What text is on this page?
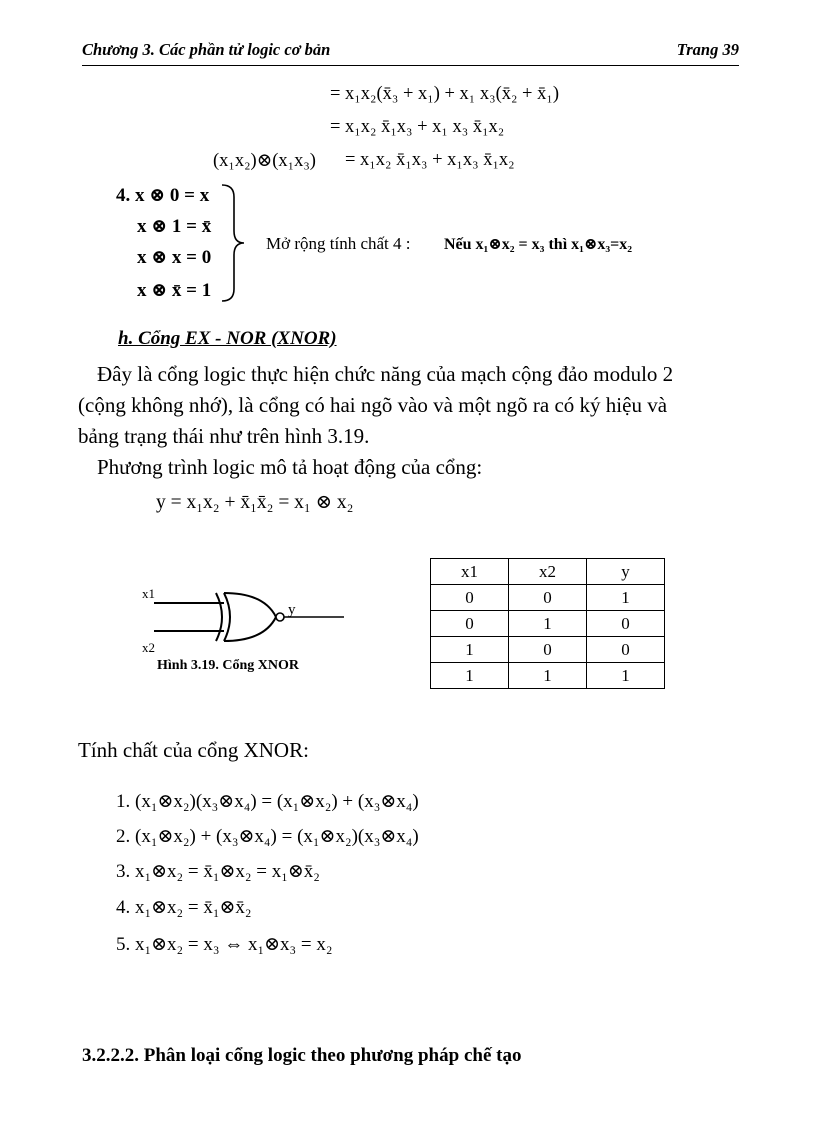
Chương 3. Các phần tử logic cơ bản	Trang 39
= x₁x₂(x̄₃ + x₁) + x₁ x₃(x̄₂ + x̄₁)
= x₁x₂ x̄₁x₃ + x₁ x₃ x̄₁x₂
(x₁x₂)⊗(x₁x₃) = x₁x₂ x̄₁x₃ + x₁x₃ x̄₁x₂
4. x ⊗ 0 = x
x ⊗ 1 = x̄
x ⊗ x = 0
x ⊗ x̄ = 1
Mở rộng tính chất 4 : Nếu x₁⊗x₂ = x₃ thì x₁⊗x₃=x₂
h. Cổng EX - NOR (XNOR)
Đây là cổng logic thực hiện chức năng của mạch cộng đảo modulo 2
(cộng không nhớ), là cổng có hai ngõ vào và một ngõ ra có ký hiệu và
bảng trạng thái như trên hình 3.19.
Phương trình logic mô tả hoạt động của cổng:
y = x₁x₂ + x̄₁x̄₂ = x₁ ⊗ x₂
x1
x2
y
Hình 3.19. Cổng XNOR
x1	x2	y
0	0	1
0	1	0
1	0	0
1	1	1
Tính chất của cổng XNOR:
1. (x₁⊗x₂)(x₃⊗x₄) = (x₁⊗x₂) + (x₃⊗x₄)
2. (x₁⊗x₂) + (x₃⊗x₄) = (x₁⊗x₂)(x₃⊗x₄)
3. x₁⊗x₂ = x̄₁⊗x₂ = x₁⊗x̄₂
4. x₁⊗x₂ = x̄₁⊗x̄₂
5. x₁⊗x₂ = x₃ ⇔ x₁⊗x₃ = x₂
3.2.2.2. Phân loại cổng logic theo phương pháp chế tạo
